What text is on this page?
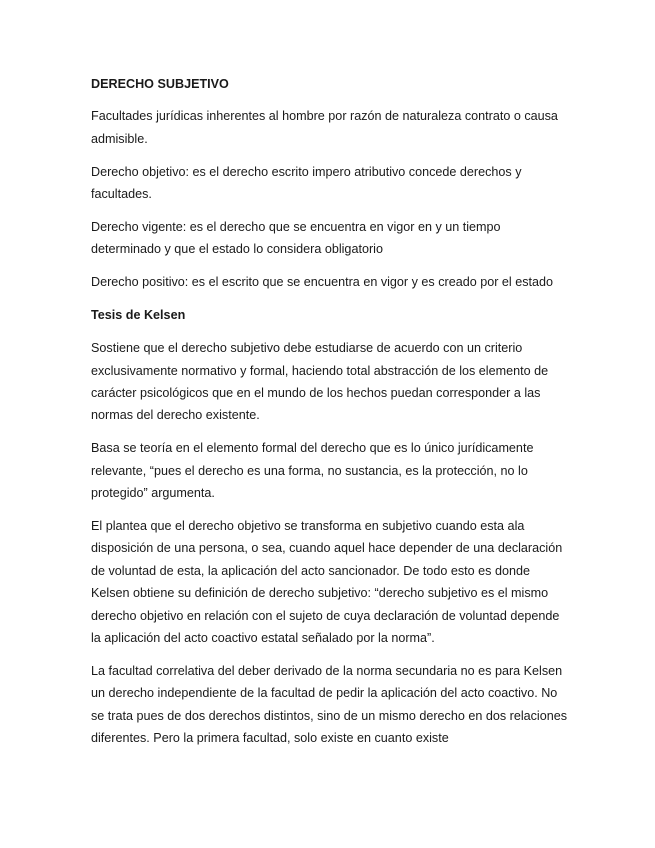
DERECHO SUBJETIVO

Facultades jurídicas inherentes al hombre por razón de naturaleza contrato o causa admisible.

Derecho objetivo: es el derecho escrito impero atributivo concede derechos y facultades.

Derecho vigente: es el derecho que se encuentra en vigor en y un tiempo determinado y que el estado lo considera obligatorio

Derecho positivo: es el escrito que se encuentra en vigor y es creado por el estado

Tesis de Kelsen

Sostiene que el derecho subjetivo debe estudiarse de acuerdo con un criterio exclusivamente normativo y formal, haciendo total abstracción de los elemento de carácter psicológicos que en el mundo de los hechos puedan corresponder a las normas del derecho existente.

Basa se teoría en el elemento formal del derecho que es lo único jurídicamente relevante, “pues el derecho es una forma, no sustancia, es la protección, no lo protegido” argumenta.

El plantea que el derecho objetivo se transforma en subjetivo cuando esta ala disposición de una persona, o sea, cuando aquel hace depender de una declaración de voluntad de esta, la aplicación del acto sancionador. De todo esto es donde Kelsen obtiene su definición de derecho subjetivo: “derecho subjetivo es el mismo derecho objetivo en relación con el sujeto de cuya declaración de voluntad depende la aplicación del acto coactivo estatal señalado por la norma”.

La facultad correlativa del deber derivado de la norma secundaria no es para Kelsen un derecho independiente de la facultad de pedir la aplicación del acto coactivo. No se trata pues de dos derechos distintos, sino de un mismo derecho en dos relaciones diferentes. Pero la primera facultad, solo existe en cuanto existe
